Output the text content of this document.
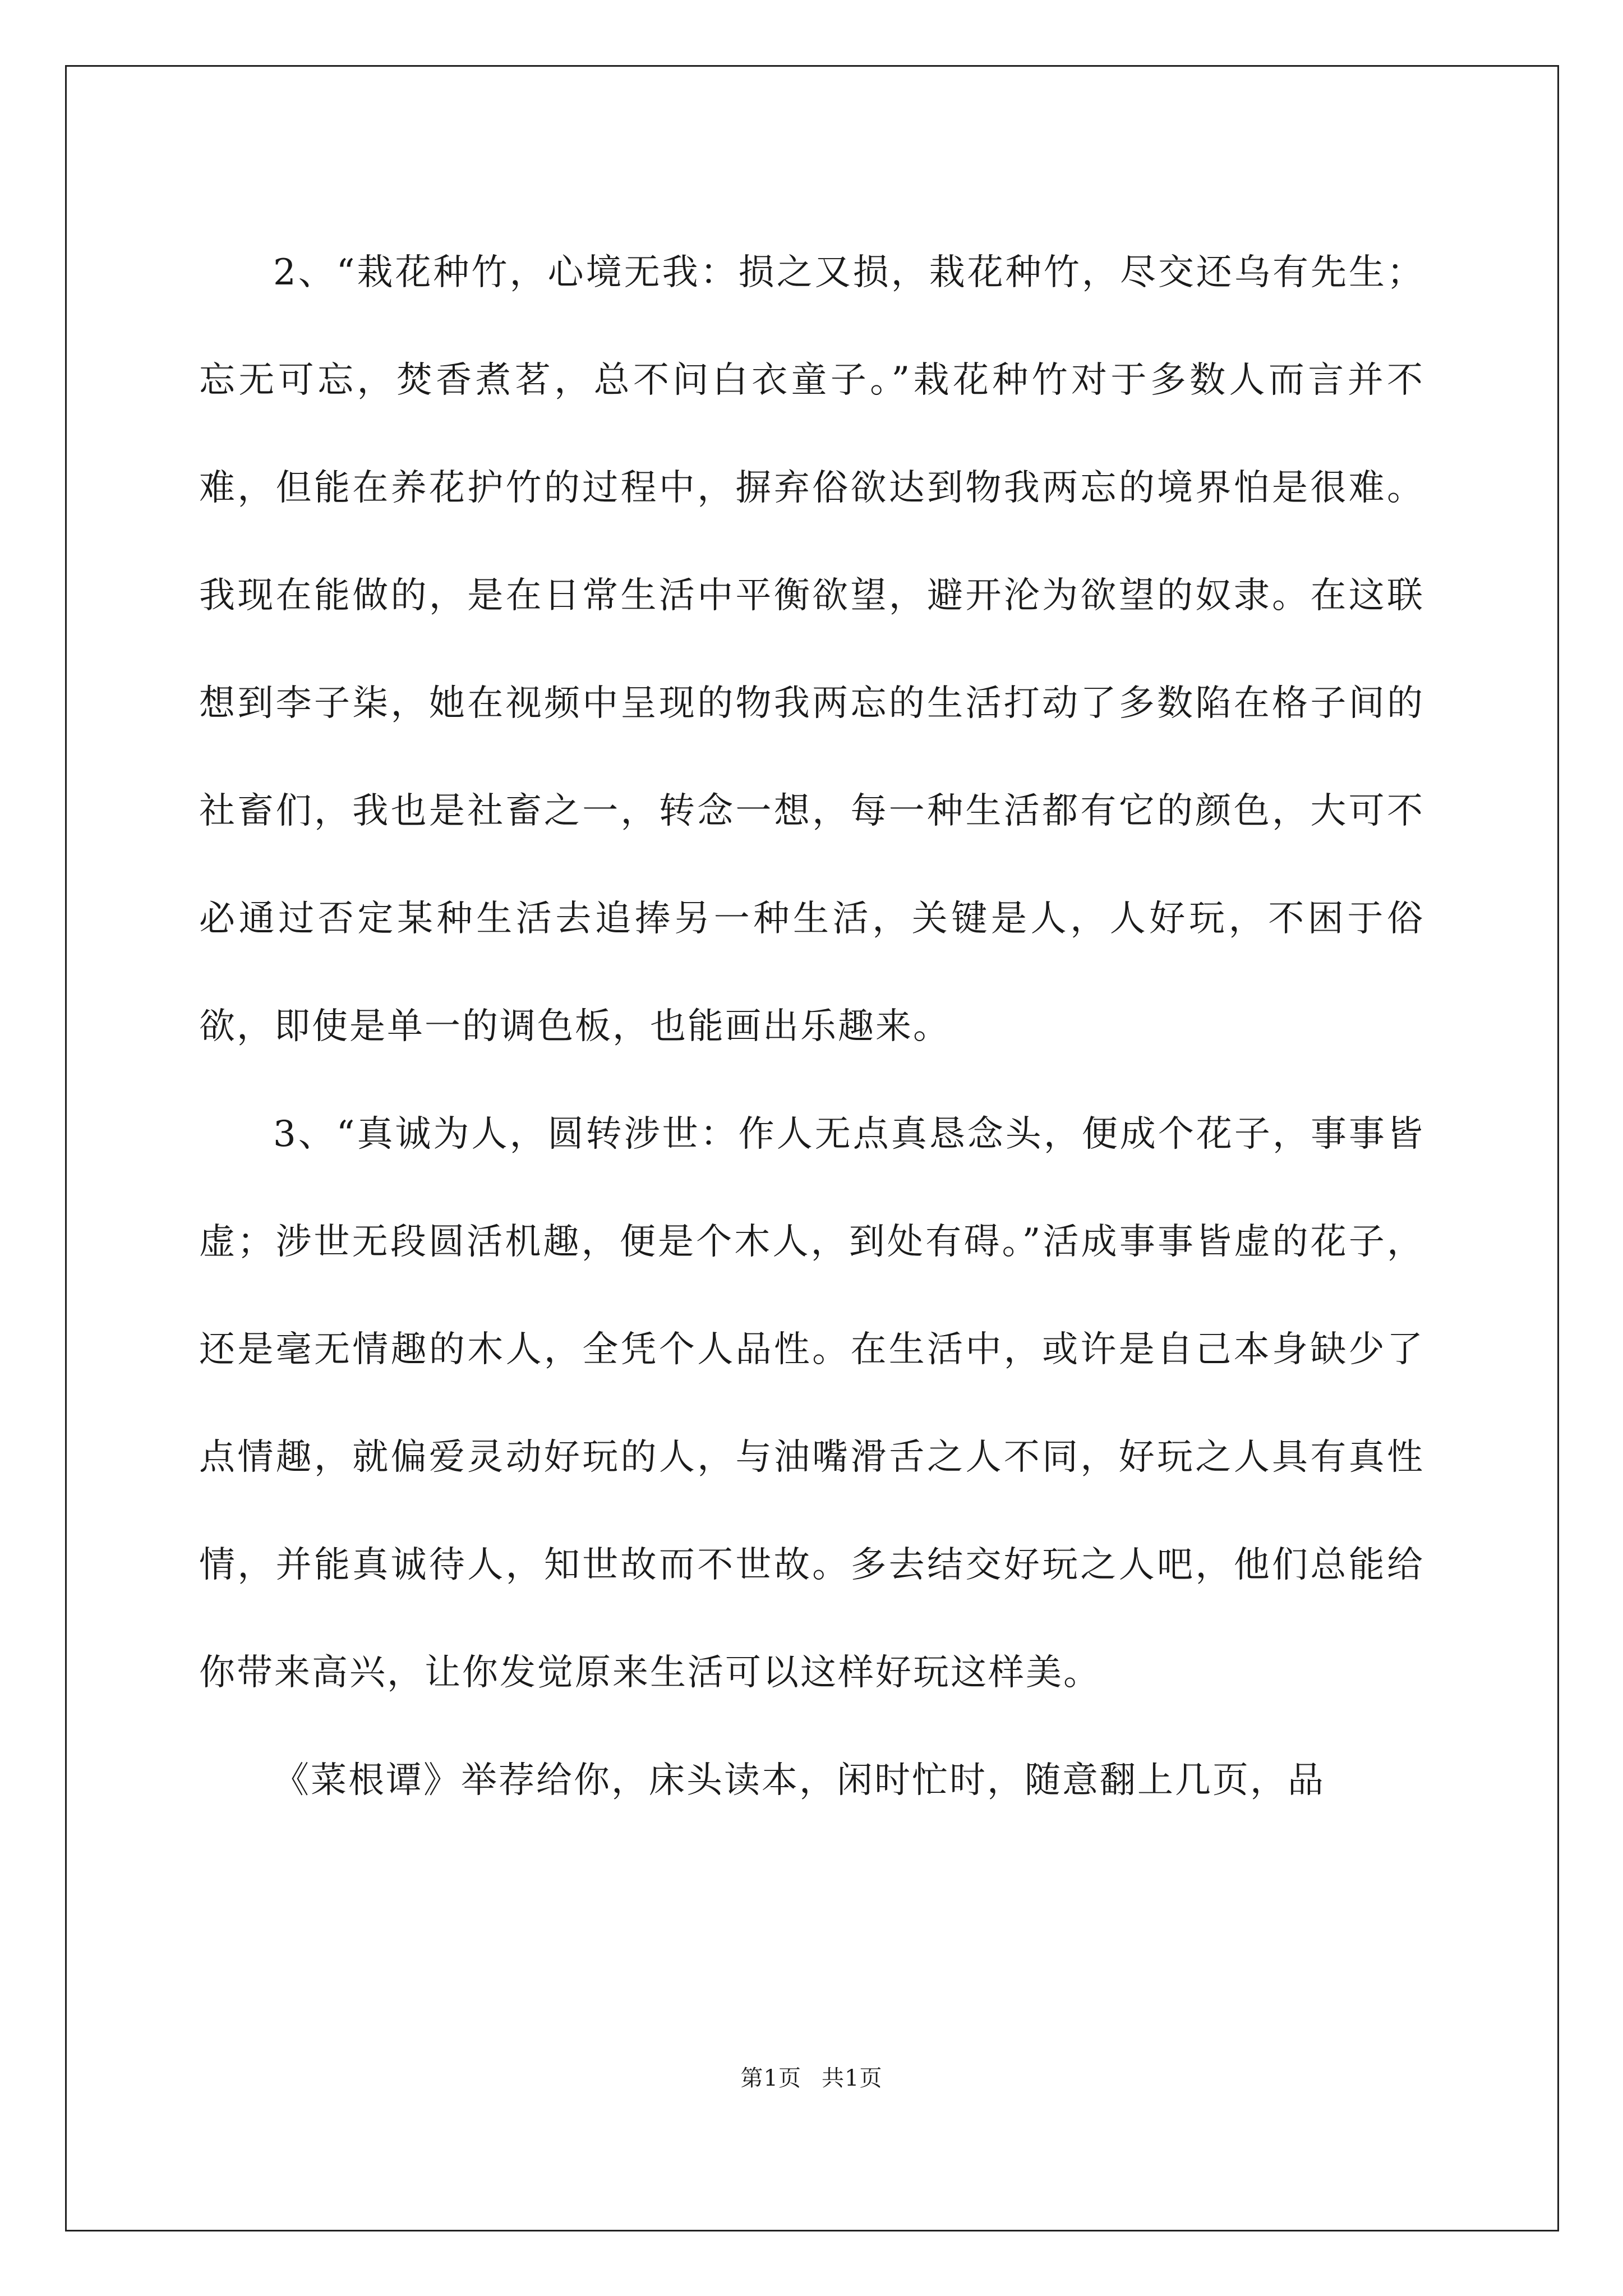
2、“栽花种竹，心境无我：损之又损，栽花种竹，尽交还乌有先生；忘无可忘，焚香煮茗，总不问白衣童子。”栽花种竹对于多数人而言并不难，但能在养花护竹的过程中，摒弃俗欲达到物我两忘的境界怕是很难。我现在能做的，是在日常生活中平衡欲望，避开沦为欲望的奴隶。在这联想到李子柒，她在视频中呈现的物我两忘的生活打动了多数陷在格子间的社畜们，我也是社畜之一，转念一想，每一种生活都有它的颜色，大可不必通过否定某种生活去追捧另一种生活，关键是人，人好玩，不困于俗欲，即使是单一的调色板，也能画出乐趣来。

3、“真诚为人，圆转涉世：作人无点真恳念头，便成个花子，事事皆虚；涉世无段圆活机趣，便是个木人，到处有碍。”活成事事皆虚的花子，还是毫无情趣的木人，全凭个人品性。在生活中，或许是自己本身缺少了点情趣，就偏爱灵动好玩的人，与油嘴滑舌之人不同，好玩之人具有真性情，并能真诚待人，知世故而不世故。多去结交好玩之人吧，他们总能给你带来高兴，让你发觉原来生活可以这样好玩这样美。

《菜根谭》举荐给你，床头读本，闲时忙时，随意翻上几页，品

第1页 共1页
